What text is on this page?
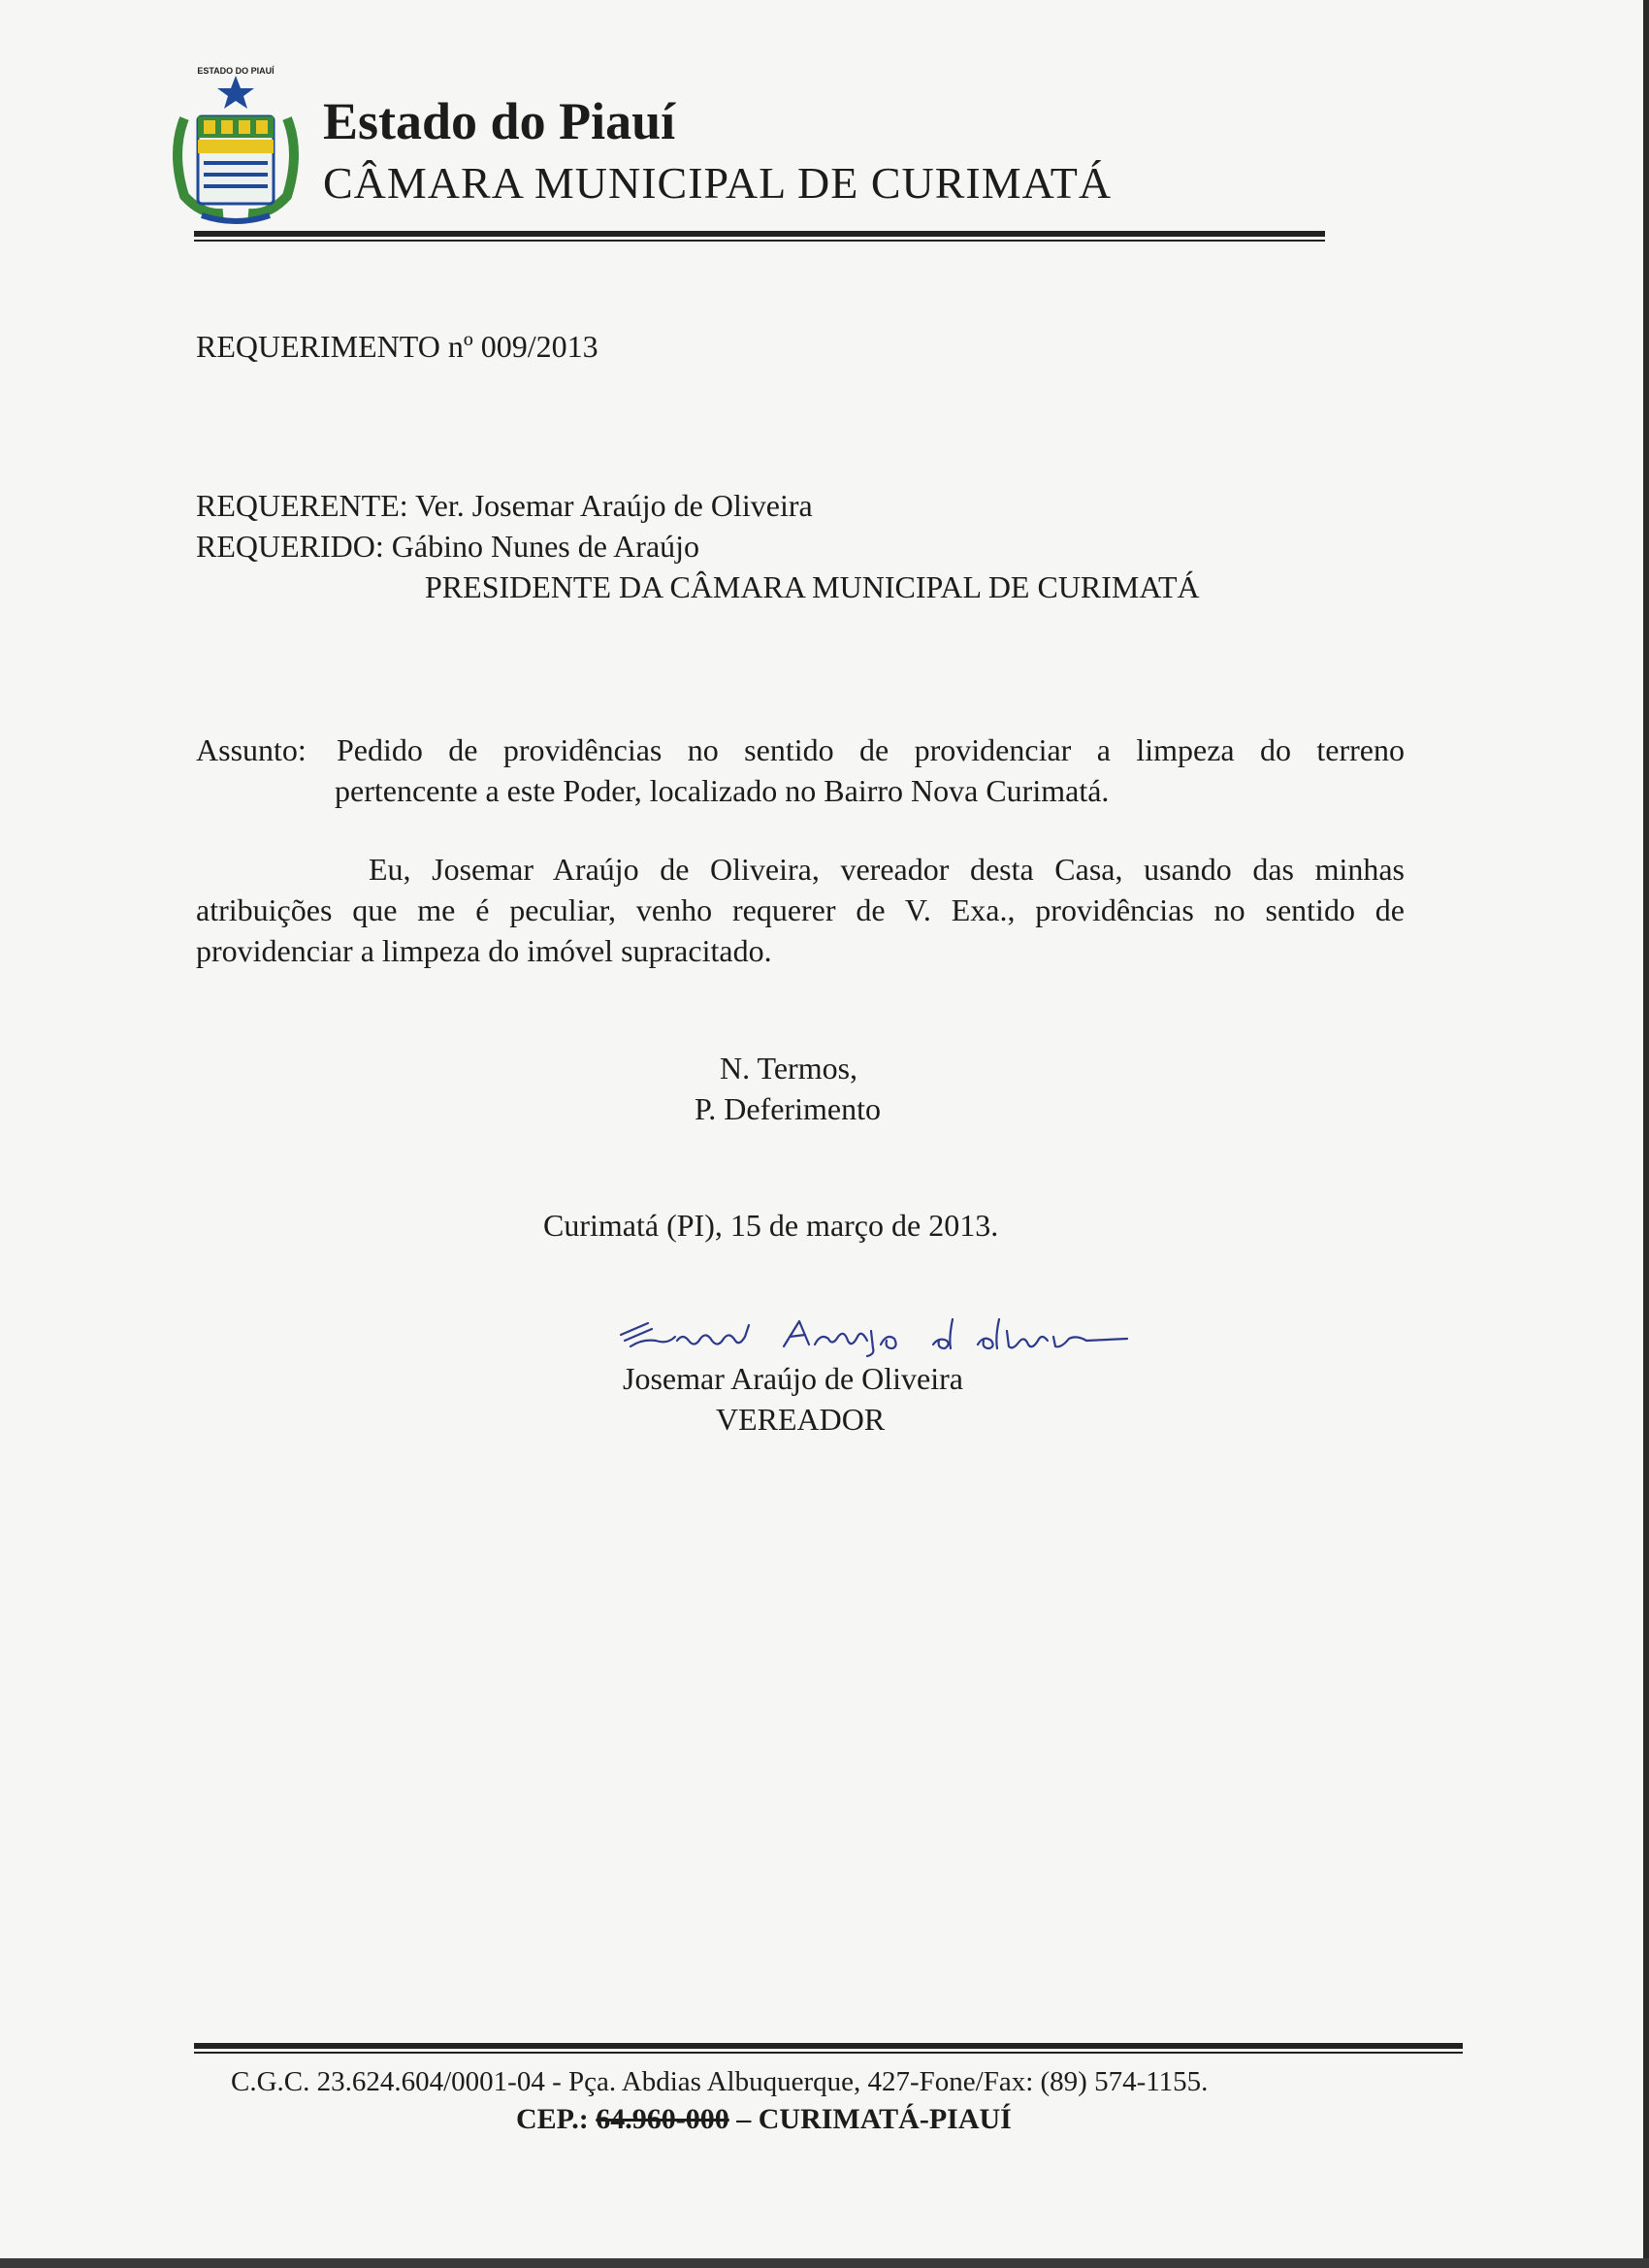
ESTADO DO PIAUÍ
Estado do Piauí
CÂMARA MUNICIPAL DE CURIMATÁ
REQUERIMENTO nº 009/2013
REQUERENTE: Ver. Josemar Araújo de Oliveira
REQUERIDO: Gábino Nunes de Araújo
PRESIDENTE DA CÂMARA MUNICIPAL DE CURIMATÁ
Assunto: Pedido de providências no sentido de providenciar a limpeza do terreno
pertencente a este Poder, localizado no Bairro Nova Curimatá.
Eu, Josemar Araújo de Oliveira, vereador desta Casa, usando das minhas
atribuições que me é peculiar, venho requerer de V. Exa., providências no sentido de
providenciar a limpeza do imóvel supracitado.
N. Termos,
P. Deferimento
Curimatá (PI), 15 de março de 2013.
Josemar Araújo de Oliveira
VEREADOR
C.G.C. 23.624.604/0001-04 - Pça. Abdias Albuquerque, 427-Fone/Fax: (89) 574-1155.
CEP.: 64.960-000 – CURIMATÁ-PIAUÍ
